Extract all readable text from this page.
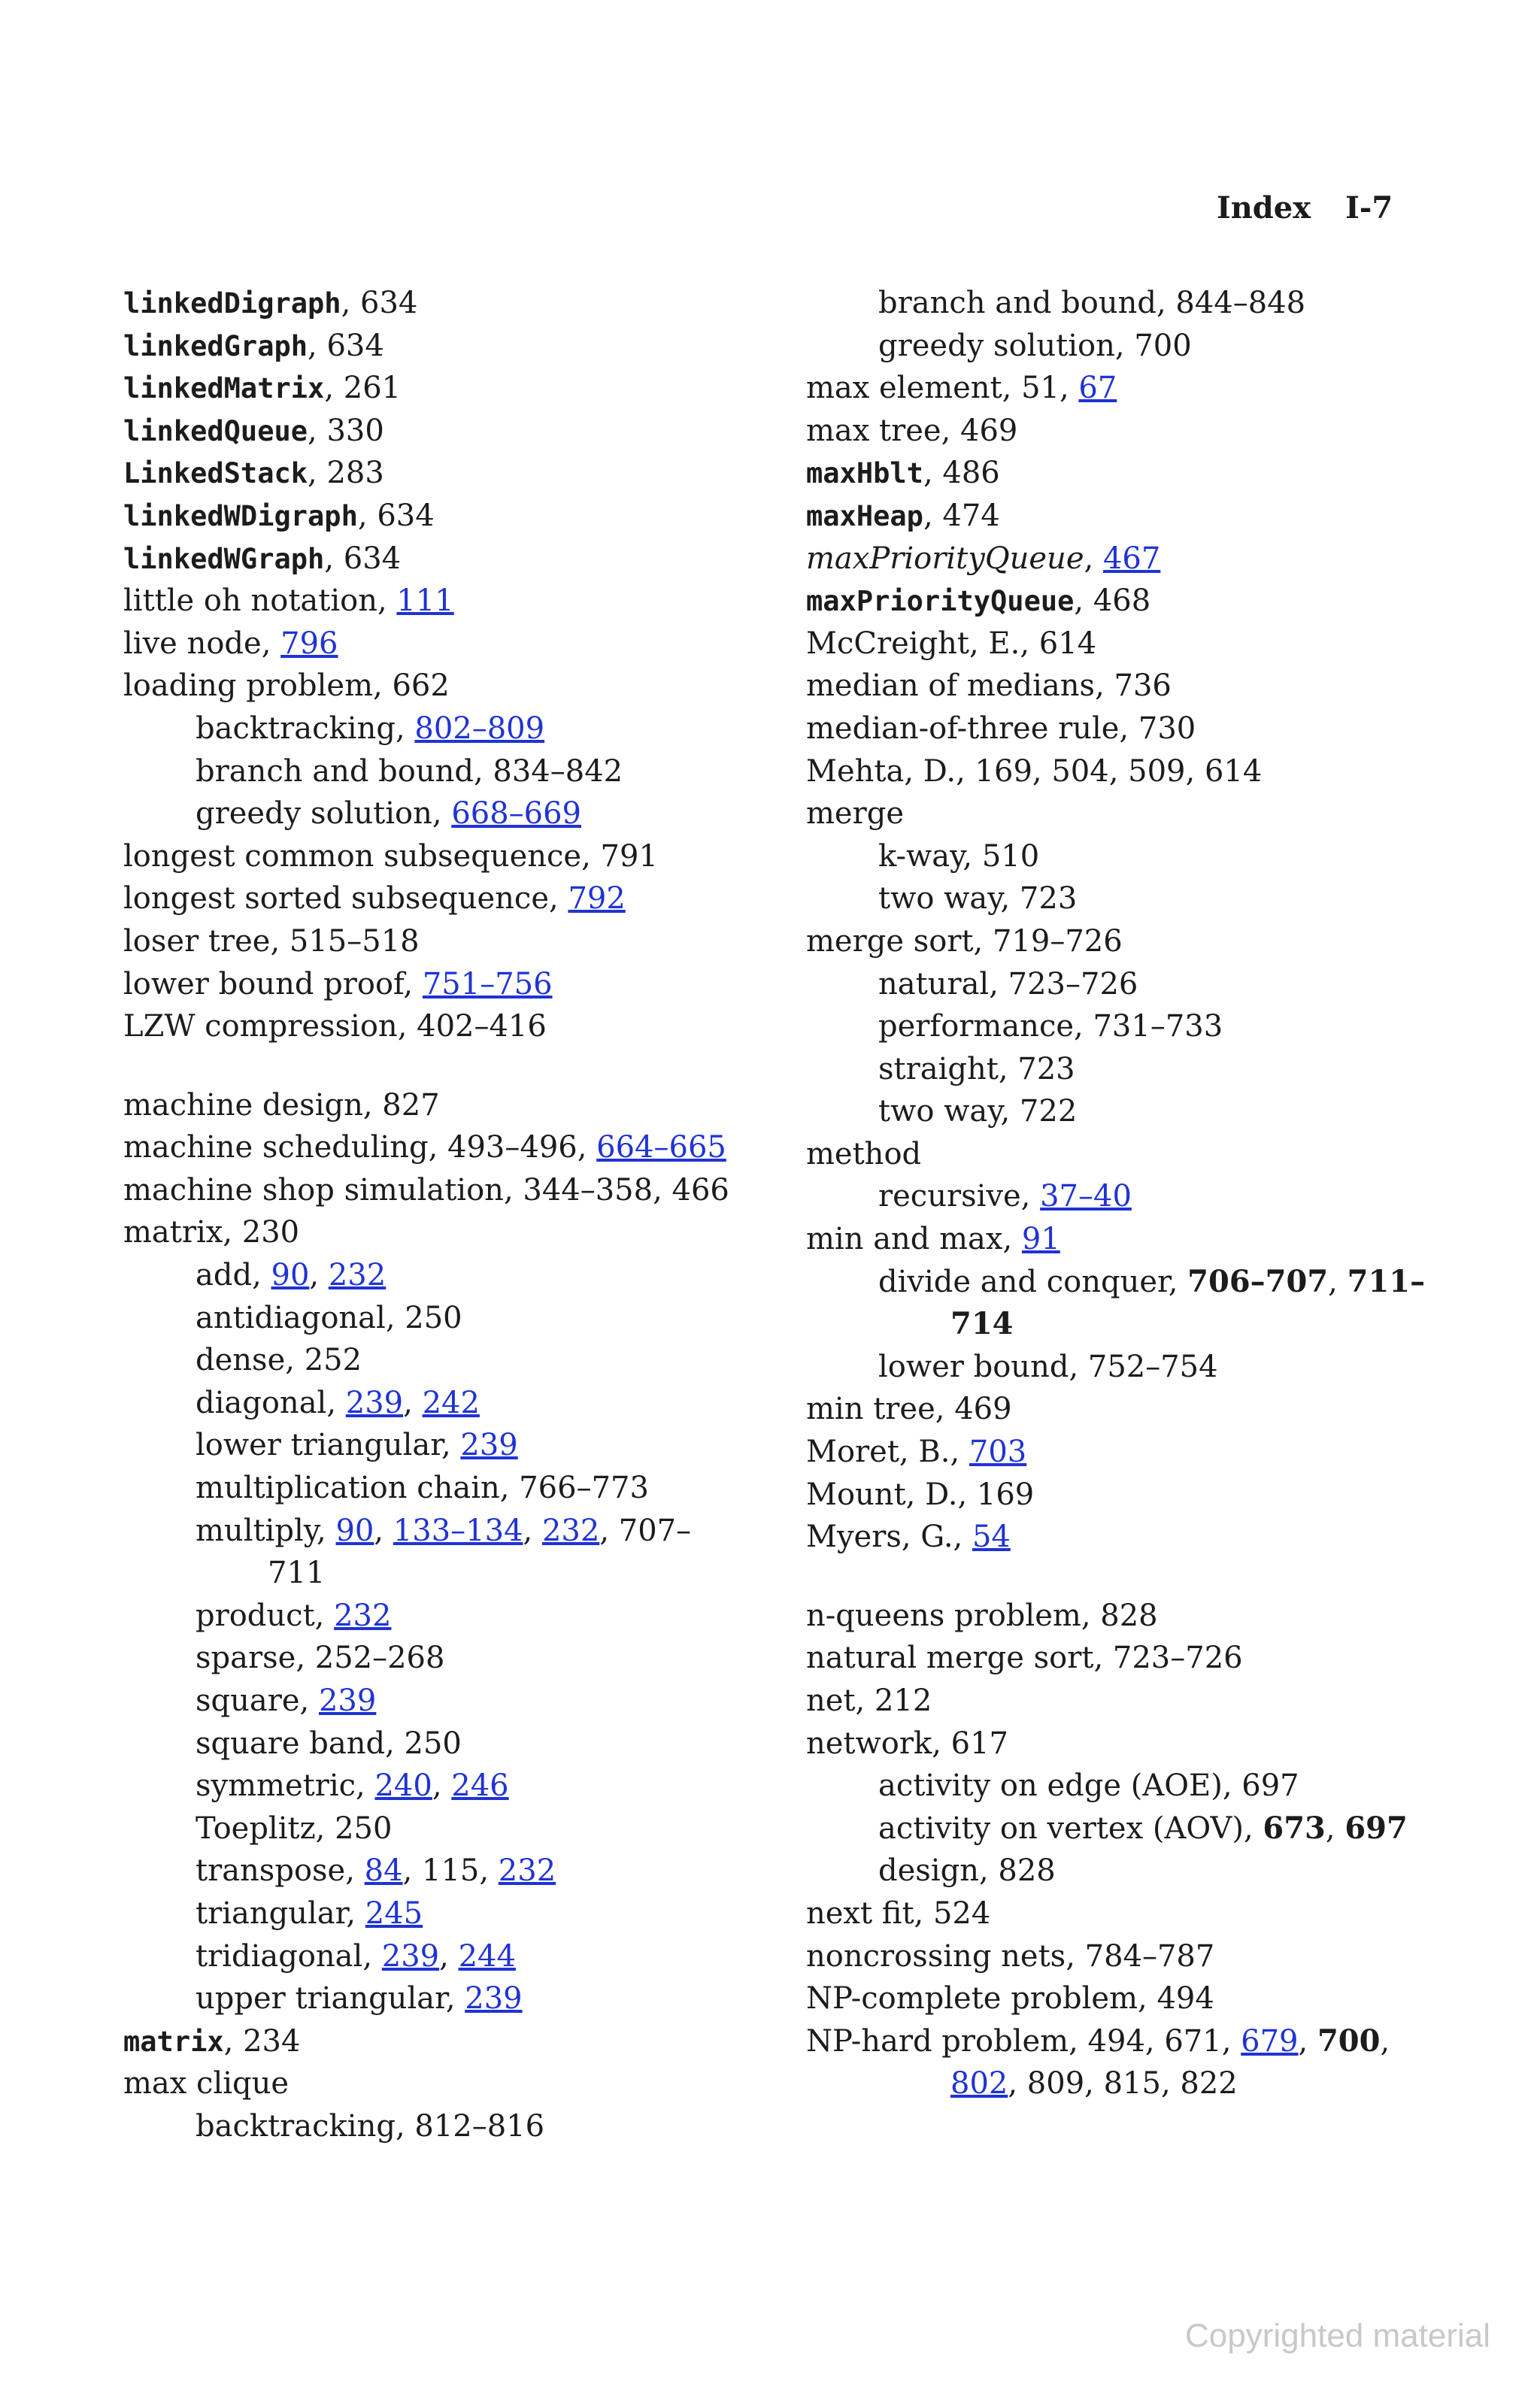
Index I-7
linkedDigraph, 634
linkedGraph, 634
linkedMatrix, 261
linkedQueue, 330
LinkedStack, 283
linkedWDigraph, 634
linkedWGraph, 634
little oh notation, 111
live node, 796
loading problem, 662
backtracking, 802–809
branch and bound, 834–842
greedy solution, 668–669
longest common subsequence, 791
longest sorted subsequence, 792
loser tree, 515–518
lower bound proof, 751–756
LZW compression, 402–416
machine design, 827
machine scheduling, 493–496, 664–665
machine shop simulation, 344–358, 466
matrix, 230
add, 90, 232
antidiagonal, 250
dense, 252
diagonal, 239, 242
lower triangular, 239
multiplication chain, 766–773
multiply, 90, 133–134, 232, 707–
711
product, 232
sparse, 252–268
square, 239
square band, 250
symmetric, 240, 246
Toeplitz, 250
transpose, 84, 115, 232
triangular, 245
tridiagonal, 239, 244
upper triangular, 239
matrix, 234
max clique
backtracking, 812–816
branch and bound, 844–848
greedy solution, 700
max element, 51, 67
max tree, 469
maxHblt, 486
maxHeap, 474
maxPriorityQueue, 467
maxPriorityQueue, 468
McCreight, E., 614
median of medians, 736
median-of-three rule, 730
Mehta, D., 169, 504, 509, 614
merge
k-way, 510
two way, 723
merge sort, 719–726
natural, 723–726
performance, 731–733
straight, 723
two way, 722
method
recursive, 37–40
min and max, 91
divide and conquer, 706–707, 711–
714
lower bound, 752–754
min tree, 469
Moret, B., 703
Mount, D., 169
Myers, G., 54
n-queens problem, 828
natural merge sort, 723–726
net, 212
network, 617
activity on edge (AOE), 697
activity on vertex (AOV), 673, 697
design, 828
next fit, 524
noncrossing nets, 784–787
NP-complete problem, 494
NP-hard problem, 494, 671, 679, 700,
802, 809, 815, 822
Copyrighted material
